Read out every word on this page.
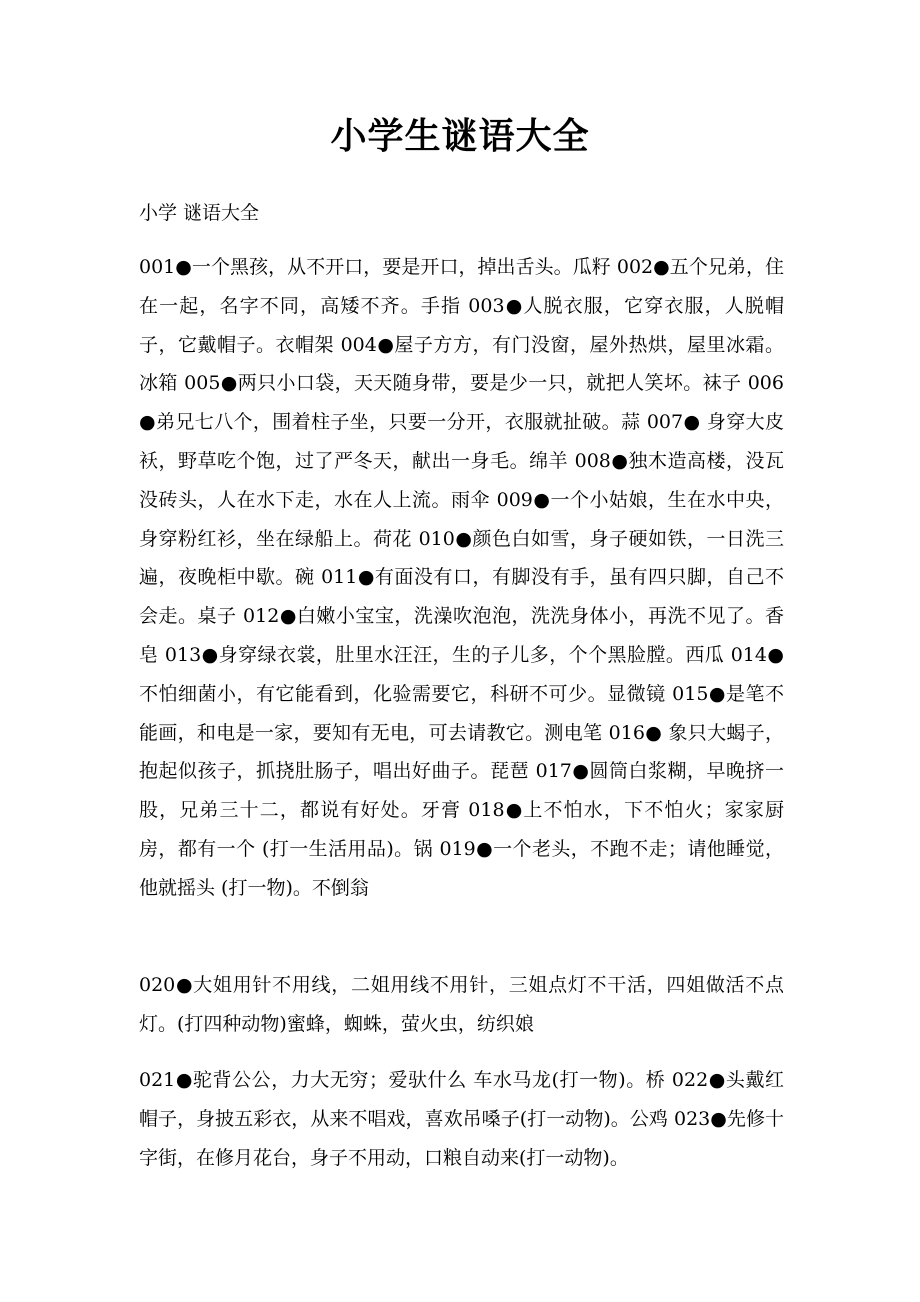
小学生谜语大全

小学 谜语大全

001●一个黑孩，从不开口，要是开口，掉出舌头。瓜籽 002●五个兄弟，住在一起，名字不同，高矮不齐。手指 003●人脱衣服，它穿衣服，人脱帽子，它戴帽子。衣帽架 004●屋子方方，有门没窗，屋外热烘，屋里冰霜。冰箱 005●两只小口袋，天天随身带，要是少一只，就把人笑坏。袜子 006●弟兄七八个，围着柱子坐，只要一分开，衣服就扯破。蒜 007● 身穿大皮袄，野草吃个饱，过了严冬天，献出一身毛。绵羊 008●独木造高楼，没瓦没砖头，人在水下走，水在人上流。雨伞 009●一个小姑娘，生在水中央，身穿粉红衫，坐在绿船上。荷花 010●颜色白如雪，身子硬如铁，一日洗三遍，夜晚柜中歇。碗 011●有面没有口，有脚没有手，虽有四只脚，自己不会走。桌子 012●白嫩小宝宝，洗澡吹泡泡，洗洗身体小，再洗不见了。香皂 013●身穿绿衣裳，肚里水汪汪，生的子儿多，个个黑脸膛。西瓜 014●不怕细菌小，有它能看到，化验需要它，科研不可少。显微镜 015●是笔不能画，和电是一家，要知有无电，可去请教它。测电笔 016● 象只大蝎子，抱起似孩子，抓挠肚肠子，唱出好曲子。琵琶 017●圆筒白浆糊，早晚挤一股，兄弟三十二，都说有好处。牙膏 018●上不怕水，下不怕火；家家厨房，都有一个 (打一生活用品)。锅 019●一个老头，不跑不走；请他睡觉，他就摇头 (打一物)。不倒翁

020●大姐用针不用线，二姐用线不用针，三姐点灯不干活，四姐做活不点灯。(打四种动物)蜜蜂，蜘蛛，萤火虫，纺织娘

021●驼背公公，力大无穷；爱驮什么 车水马龙(打一物)。桥 022●头戴红帽子，身披五彩衣，从来不唱戏，喜欢吊嗓子(打一动物)。公鸡 023●先修十字街，在修月花台，身子不用动，口粮自动来(打一动物)。
